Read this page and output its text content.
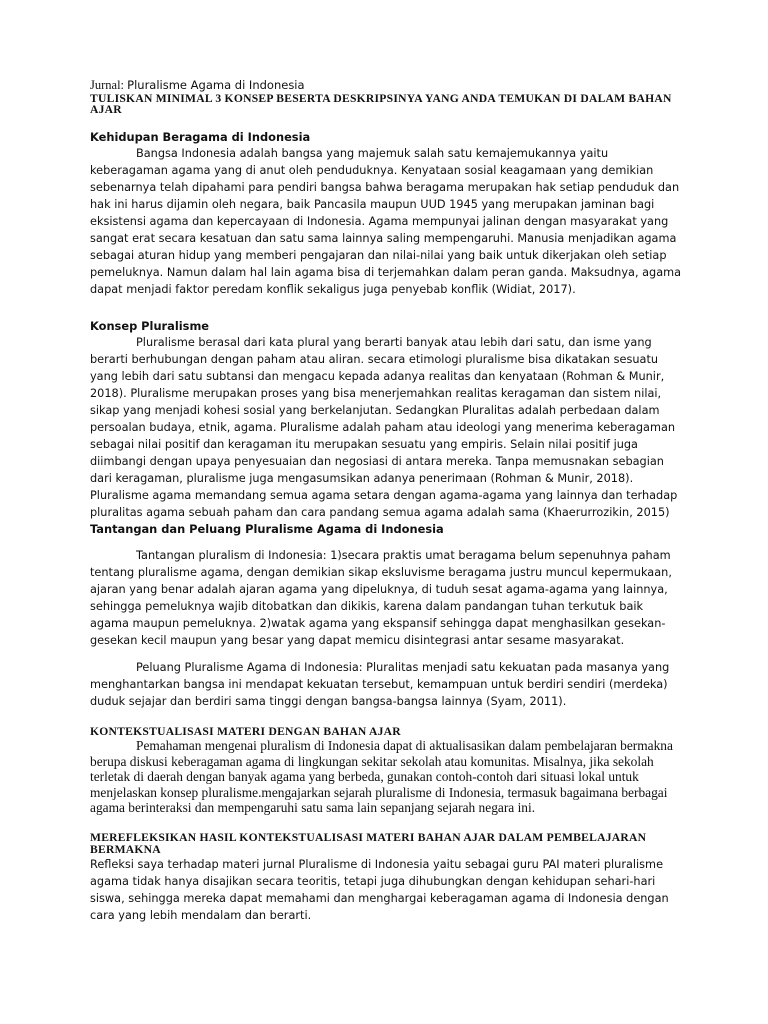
Jurnal: Pluralisme Agama di Indonesia
TULISKAN MINIMAL 3 KONSEP BESERTA DESKRIPSINYA YANG ANDA TEMUKAN DI DALAM BAHAN AJAR
Kehidupan Beragama di Indonesia

Bangsa Indonesia adalah bangsa yang majemuk salah satu kemajemukannya yaitu keberagaman agama yang di anut oleh penduduknya. Kenyataan sosial keagamaan yang demikian sebenarnya telah dipahami para pendiri bangsa bahwa beragama merupakan hak setiap penduduk dan hak ini harus dijamin oleh negara, baik Pancasila maupun UUD 1945 yang merupakan jaminan bagi eksistensi agama dan kepercayaan di Indonesia. Agama mempunyai jalinan dengan masyarakat yang sangat erat secara kesatuan dan satu sama lainnya saling mempengaruhi. Manusia menjadikan agama sebagai aturan hidup yang memberi pengajaran dan nilai-nilai yang baik untuk dikerjakan oleh setiap pemeluknya. Namun dalam hal lain agama bisa di terjemahkan dalam peran ganda. Maksudnya, agama dapat menjadi faktor peredam konflik sekaligus juga penyebab konflik (Widiat, 2017).

Konsep Pluralisme

Pluralisme berasal dari kata plural yang berarti banyak atau lebih dari satu, dan isme yang berarti berhubungan dengan paham atau aliran. secara etimologi pluralisme bisa dikatakan sesuatu yang lebih dari satu subtansi dan mengacu kepada adanya realitas dan kenyataan (Rohman & Munir, 2018). Pluralisme merupakan proses yang bisa menerjemahkan realitas keragaman dan sistem nilai, sikap yang menjadi kohesi sosial yang berkelanjutan. Sedangkan Pluralitas adalah perbedaan dalam persoalan budaya, etnik, agama. Pluralisme adalah paham atau ideologi yang menerima keberagaman sebagai nilai positif dan keragaman itu merupakan sesuatu yang empiris. Selain nilai positif juga diimbangi dengan upaya penyesuaian dan negosiasi di antara mereka. Tanpa memusnakan sebagian dari keragaman, pluralisme juga mengasumsikan adanya penerimaan (Rohman & Munir, 2018). Pluralisme agama memandang semua agama setara dengan agama-agama yang lainnya dan terhadap pluralitas agama sebuah paham dan cara pandang semua agama adalah sama (Khaerurrozikin, 2015)

Tantangan dan Peluang Pluralisme Agama di Indonesia

Tantangan pluralism di Indonesia: 1)secara praktis umat beragama belum sepenuhnya paham tentang pluralisme agama, dengan demikian sikap eksluvisme beragama justru muncul kepermukaan, ajaran yang benar adalah ajaran agama yang dipeluknya, di tuduh sesat agama-agama yang lainnya, sehingga pemeluknya wajib ditobatkan dan dikikis, karena dalam pandangan tuhan terkutuk baik agama maupun pemeluknya. 2)watak agama yang ekspansif sehingga dapat menghasilkan gesekan-gesekan kecil maupun yang besar yang dapat memicu disintegrasi antar sesame masyarakat.

Peluang Pluralisme Agama di Indonesia: Pluralitas menjadi satu kekuatan pada masanya yang menghantarkan bangsa ini mendapat kekuatan tersebut, kemampuan untuk berdiri sendiri (merdeka) duduk sejajar dan berdiri sama tinggi dengan bangsa-bangsa lainnya (Syam, 2011).

KONTEKSTUALISASI MATERI DENGAN BAHAN AJAR

Pemahaman mengenai pluralism di Indonesia dapat di aktualisasikan dalam pembelajaran bermakna berupa diskusi keberagaman agama di lingkungan sekitar sekolah atau komunitas. Misalnya, jika sekolah terletak di daerah dengan banyak agama yang berbeda, gunakan contoh-contoh dari situasi lokal untuk menjelaskan konsep pluralisme.mengajarkan sejarah pluralisme di Indonesia, termasuk bagaimana berbagai agama berinteraksi dan mempengaruhi satu sama lain sepanjang sejarah negara ini.

MEREFLEKSIKAN HASIL KONTEKSTUALISASI MATERI BAHAN AJAR DALAM PEMBELAJARAN BERMAKNA

Refleksi saya terhadap materi jurnal Pluralisme di Indonesia yaitu sebagai guru PAI materi pluralisme agama tidak hanya disajikan secara teoritis, tetapi juga dihubungkan dengan kehidupan sehari-hari siswa, sehingga mereka dapat memahami dan menghargai keberagaman agama di Indonesia dengan cara yang lebih mendalam dan berarti.
